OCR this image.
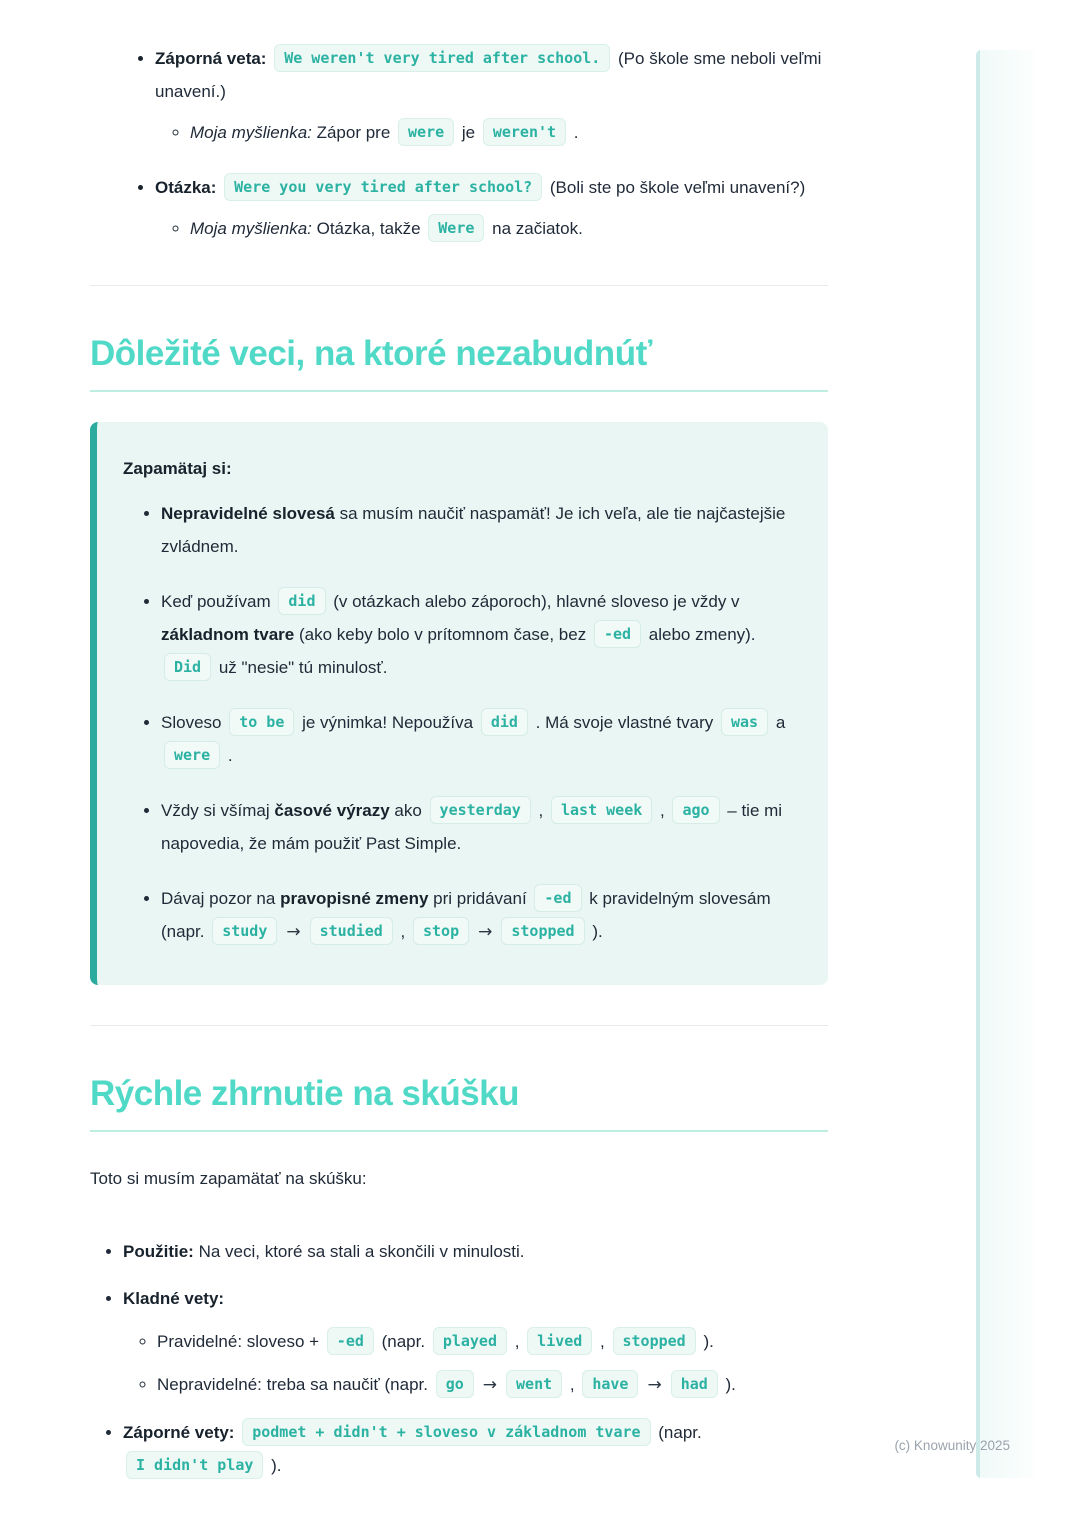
• Záporná veta: We weren't very tired after school. (Po škole sme neboli veľmi unavení.)
◦ Moja myšlienka: Zápor pre were je weren't .
• Otázka: Were you very tired after school? (Boli ste po škole veľmi unavení?)
◦ Moja myšlienka: Otázka, takže Were na začiatok.
Dôležité veci, na ktoré nezabudnúť

Zapamätaj si:

• Nepravidelné slovesá sa musím naučiť naspamäť! Je ich veľa, ale tie najčastejšie zvládnem.
• Keď používam did (v otázkach alebo záporoch), hlavné sloveso je vždy v základnom tvare (ako keby bolo v prítomnom čase, bez -ed alebo zmeny). Did už "nesie" tú minulosť.
• Sloveso to be je výnimka! Nepoužíva did . Má svoje vlastné tvary was a were .
• Vždy si všímaj časové výrazy ako yesterday , last week , ago – tie mi napovedia, že mám použiť Past Simple.
• Dávaj pozor na pravopisné zmeny pri pridávaní -ed k pravidelným slovesám (napr. study → studied , stop → stopped ).
Rýchle zhrnutie na skúšku

Toto si musím zapamätať na skúšku:

• Použitie: Na veci, ktoré sa stali a skončili v minulosti.
• Kladné vety:
◦ Pravidelné: sloveso + -ed (napr. played , lived , stopped ).
◦ Nepravidelné: treba sa naučiť (napr. go → went , have → had ).
• Záporné vety: podmet + didn't + sloveso v základnom tvare (napr. I didn't play ).
(c) Knowunity 2025
